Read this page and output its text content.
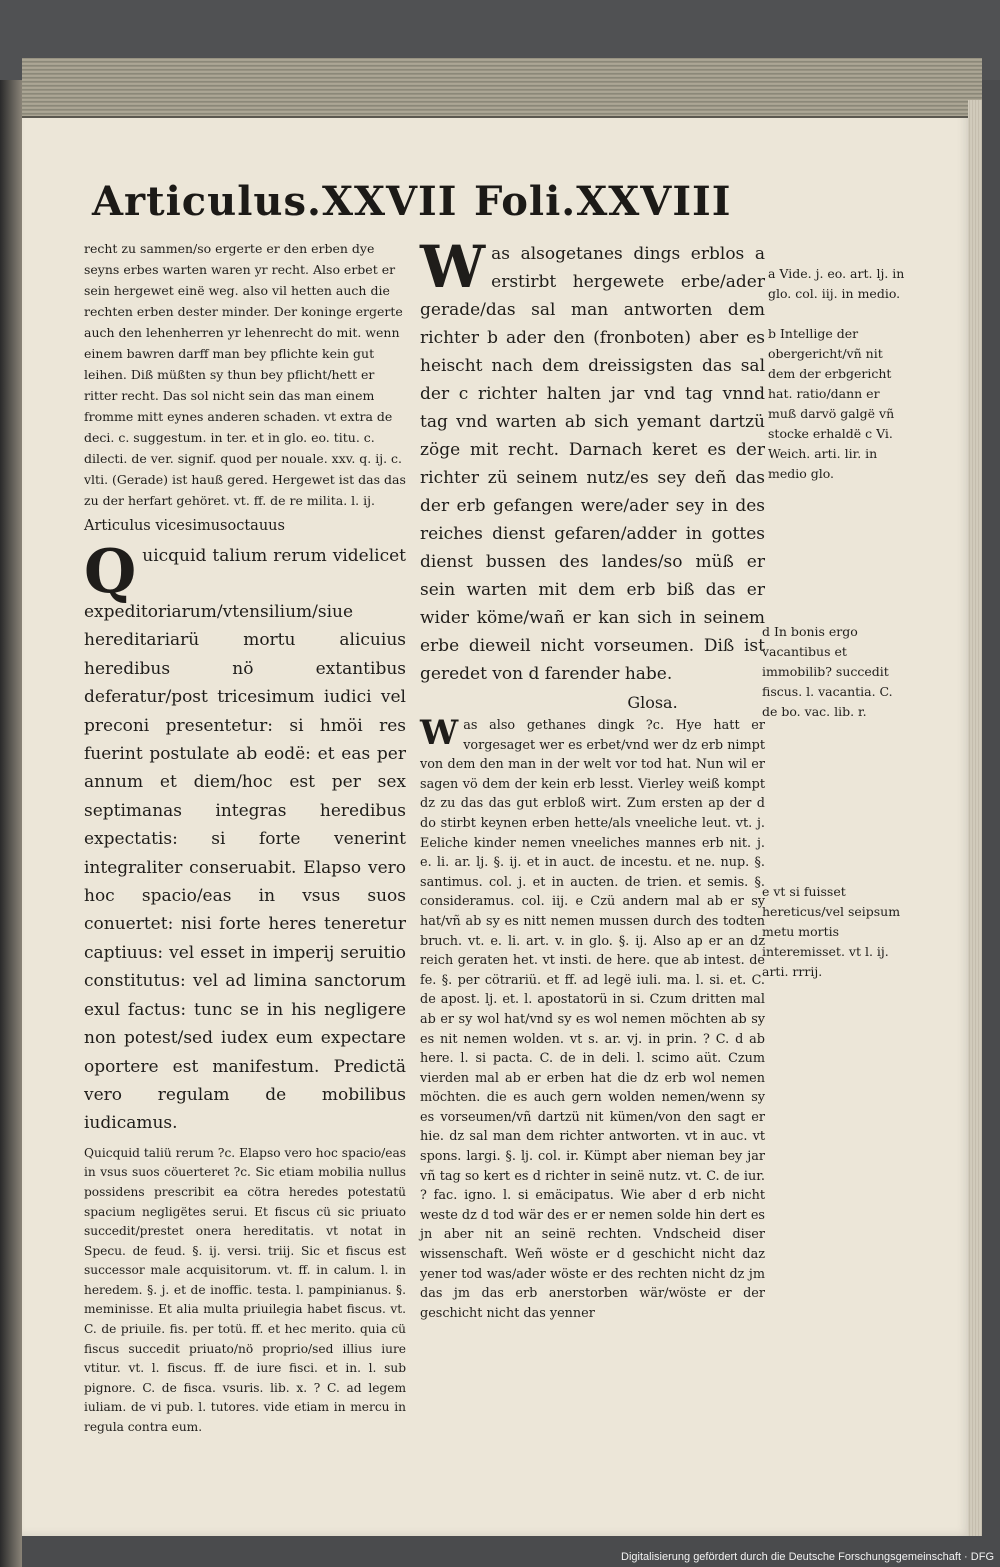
Articulus.XXVII Foli.XXVIII

recht zu sammen/so ergerte er den erben dye seyns erbes warten waren yr recht. Also erbet er sein hergewet einë weg. also vil hetten auch die rechten erben dester minder. Der koninge ergerte auch den lehenherren yr lehenrecht do mit. wenn einem bawren darff man bey pflichte kein gut leihen. Diß müßten sy thun bey pflicht/hett er ritter recht. Das sol nicht sein das man einem fromme mitt eynes anderen schaden. vt extra de deci. c. suggestum. in ter. et in glo. eo. titu. c. dilecti. de ver. signif. quod per nouale. xxv. q. ij. c. vlti. (Gerade) ist hauß gered. Hergewet ist das das zu der herfart gehöret. vt. ff. de re milita. l. ij.

Articulus vicesimusoctauus

Quicquid talium rerum videlicet expeditoriarum/vtensilium/siue hereditariarü mortu alicuius heredibus nö extantibus deferatur/post tricesimum iudici vel preconi presentetur: si hmöi res fuerint postulate ab eodë: et eas per annum et diem/hoc est per sex septimanas integras heredibus expectatis: si forte venerint integraliter conseruabit. Elapso vero hoc spacio/eas in vsus suos conuertet: nisi forte heres teneretur captiuus: vel esset in imperij seruitio constitutus: vel ad limina sanctorum exul factus: tunc se in his negligere non potest/sed iudex eum expectare oportere est manifestum. Predictä vero regulam de mobilibus iudicamus.

Quicquid taliü rerum ?c. Elapso vero hoc spacio/eas in vsus suos cöuerteret ?c. Sic etiam mobilia nullus possidens prescribit ea cötra heredes potestatü spacium negligëtes serui. Et fiscus cü sic priuato succedit/prestet onera hereditatis. vt notat in Specu. de feud. §. ij. versi. triij. Sic et fiscus est successor male acquisitorum. vt. ff. in calum. l. in heredem. §. j. et de inoffic. testa. l. pampinianus. §. meminisse. Et alia multa priuilegia habet fiscus. vt. C. de priuile. fis. per totü. ff. et hec merito. quia cü fiscus succedit priuato/nö proprio/sed illius iure vtitur. vt. l. fiscus. ff. de iure fisci. et in. l. sub pignore. C. de fisca. vsuris. lib. x. ? C. ad legem iuliam. de vi pub. l. tutores. vide etiam in mercu in regula contra eum.

Was alsogetanes dings erblos a erstirbt hergewete erbe/ader gerade/das sal man antworten dem richter b ader den (fronboten) aber es heischt nach dem dreissigsten das sal der c richter halten jar vnd tag vnnd tag vnd warten ab sich yemant dartzü zöge mit recht. Darnach keret es der richter zü seinem nutz/es sey deñ das der erb gefangen were/ader sey in des reiches dienst gefaren/adder in gottes dienst bussen des landes/so müß er sein warten mit dem erb biß das er wider köme/wañ er kan sich in seinem erbe dieweil nicht vorseumen. Diß ist geredet von d farender habe.

Glosa.

Was also gethanes dingk ?c. Hye hatt er vorgesaget wer es erbet/vnd wer dz erb nimpt von dem den man in der welt vor tod hat. Nun wil er sagen vö dem der kein erb lesst. Vierley weiß kompt dz zu das das gut erbloß wirt. Zum ersten ap der d do stirbt keynen erben hette/als vneeliche leut. vt. j. Eeliche kinder nemen vneeliches mannes erb nit. j. e. li. ar. lj. §. ij. et in auct. de incestu. et ne. nup. §. santimus. col. j. et in aucten. de trien. et semis. §. consideramus. col. iij. e Czü andern mal ab er sy hat/vñ ab sy es nitt nemen mussen durch des todten bruch. vt. e. li. art. v. in glo. §. ij. Also ap er an dz reich geraten het. vt insti. de here. que ab intest. de fe. §. per cötrariü. et ff. ad legë iuli. ma. l. si. et. C. de apost. lj. et. l. apostatorü in si. Czum dritten mal ab er sy wol hat/vnd sy es wol nemen möchten ab sy es nit nemen wolden. vt s. ar. vj. in prin. ? C. d ab here. l. si pacta. C. de in deli. l. scimo aüt. Czum vierden mal ab er erben hat die dz erb wol nemen möchten. die es auch gern wolden nemen/wenn sy es vorseumen/vñ dartzü nit kümen/von den sagt er hie. dz sal man dem richter antworten. vt in auc. vt spons. largi. §. lj. col. ir. Kümpt aber nieman bey jar vñ tag so kert es d richter in seinë nutz. vt. C. de iur. ? fac. igno. l. si emäcipatus. Wie aber d erb nicht weste dz d tod wär des er er nemen solde hin dert es jn aber nit an seinë rechten. Vndscheid diser wissenschaft. Weñ wöste er d geschicht nicht daz yener tod was/ader wöste er des rechten nicht dz jm das jm das erb anerstorben wär/wöste er der geschicht nicht das yenner

a Vide. j. eo. art. lj. in glo. col. iij. in medio.

b Intellige der obergericht/vñ nit dem der erbgericht hat. ratio/dann er muß darvö galgë vñ stocke erhaldë c Vi. Weich. arti. lir. in medio glo.

d In bonis ergo vacantibus et immobilib? succedit fiscus. l. vacantia. C. de bo. vac. lib. r.

e vt si fuisset hereticus/vel seipsum metu mortis interemisset. vt l. ij. arti. rrrij.

Digitalisierung gefördert durch die Deutsche Forschungsgemeinschaft · DFG
